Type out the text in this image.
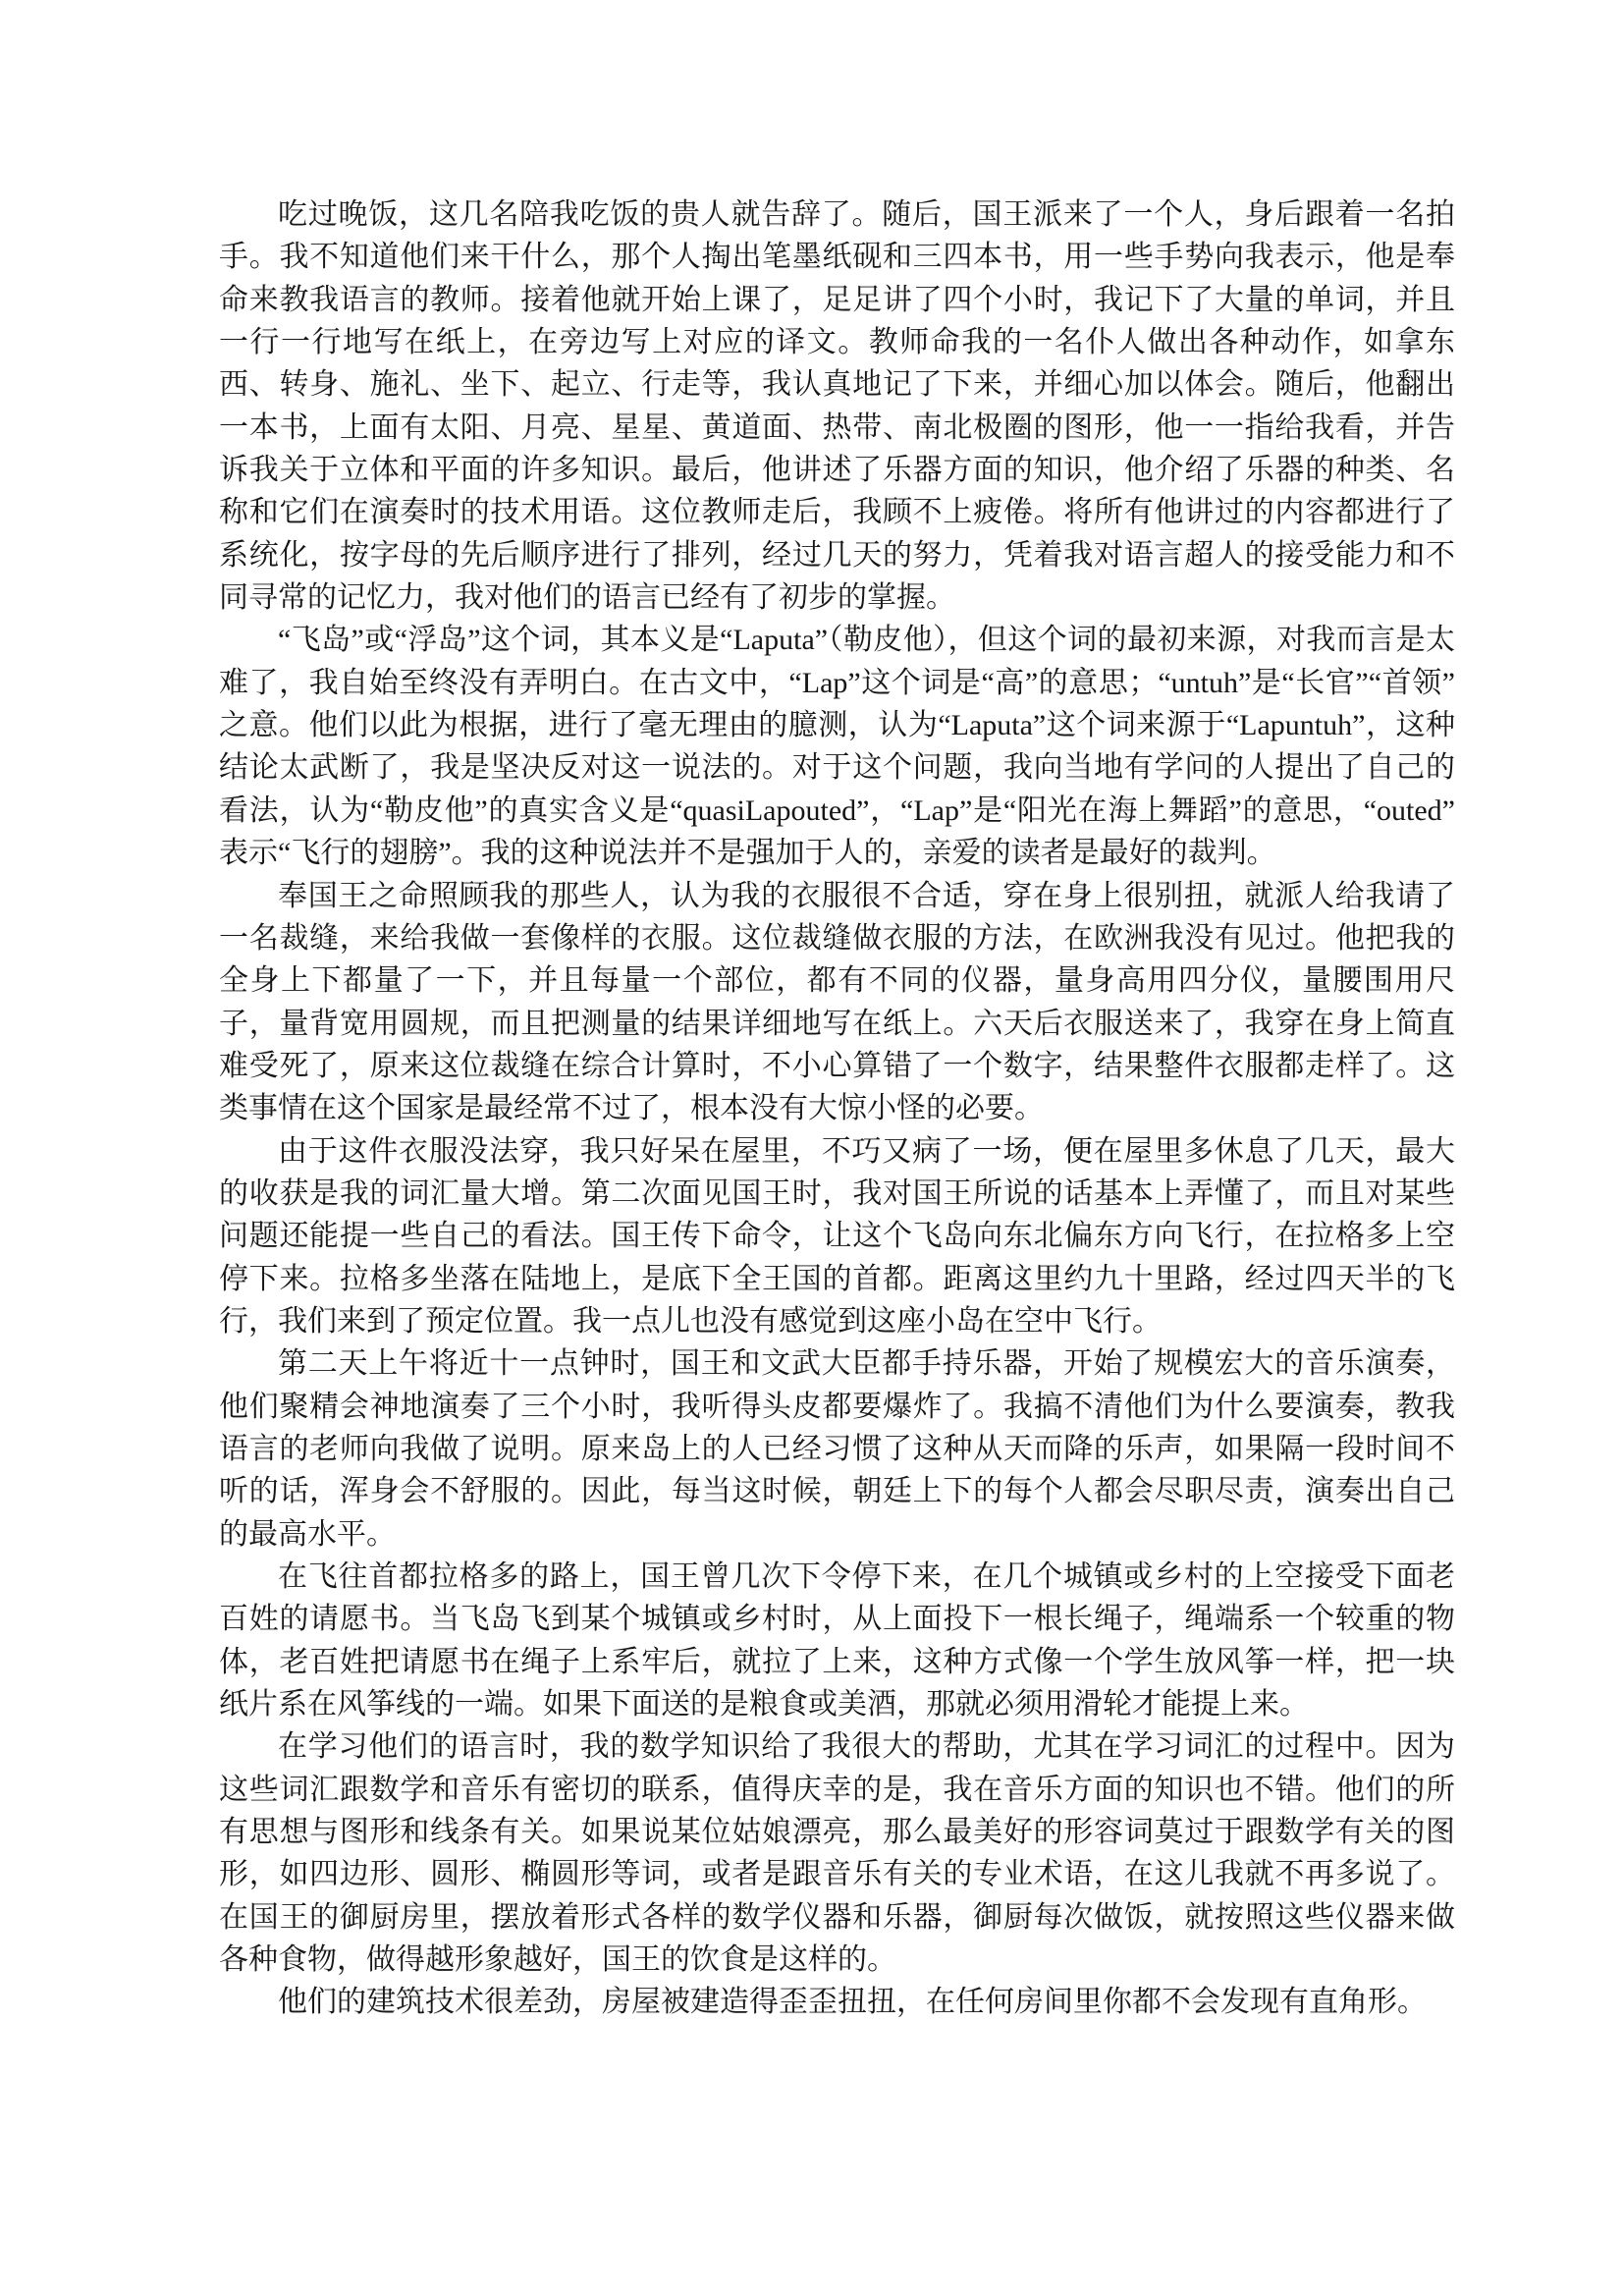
吃过晚饭，这几名陪我吃饭的贵人就告辞了。随后，国王派来了一个人，身后跟着一名拍手。我不知道他们来干什么，那个人掏出笔墨纸砚和三四本书，用一些手势向我表示，他是奉命来教我语言的教师。接着他就开始上课了，足足讲了四个小时，我记下了大量的单词，并且一行一行地写在纸上，在旁边写上对应的译文。教师命我的一名仆人做出各种动作，如拿东西、转身、施礼、坐下、起立、行走等，我认真地记了下来，并细心加以体会。随后，他翻出一本书，上面有太阳、月亮、星星、黄道面、热带、南北极圈的图形，他一一指给我看，并告诉我关于立体和平面的许多知识。最后，他讲述了乐器方面的知识，他介绍了乐器的种类、名称和它们在演奏时的技术用语。这位教师走后，我顾不上疲倦。将所有他讲过的内容都进行了系统化，按字母的先后顺序进行了排列，经过几天的努力，凭着我对语言超人的接受能力和不同寻常的记忆力，我对他们的语言已经有了初步的掌握。

“飞岛”或“浮岛”这个词，其本义是“Laputa”（勒皮他），但这个词的最初来源，对我而言是太难了，我自始至终没有弄明白。在古文中，“Lap”这个词是“高”的意思；“untuh”是“长官”“首领”之意。他们以此为根据，进行了毫无理由的臆测，认为“Laputa”这个词来源于“Lapuntuh”，这种结论太武断了，我是坚决反对这一说法的。对于这个问题，我向当地有学问的人提出了自己的看法，认为“勒皮他”的真实含义是“quasiLapouted”，“Lap”是“阳光在海上舞蹈”的意思，“outed”表示“飞行的翅膀”。我的这种说法并不是强加于人的，亲爱的读者是最好的裁判。

奉国王之命照顾我的那些人，认为我的衣服很不合适，穿在身上很别扭，就派人给我请了一名裁缝，来给我做一套像样的衣服。这位裁缝做衣服的方法，在欧洲我没有见过。他把我的全身上下都量了一下，并且每量一个部位，都有不同的仪器，量身高用四分仪，量腰围用尺子，量背宽用圆规，而且把测量的结果详细地写在纸上。六天后衣服送来了，我穿在身上简直难受死了，原来这位裁缝在综合计算时，不小心算错了一个数字，结果整件衣服都走样了。这类事情在这个国家是最经常不过了，根本没有大惊小怪的必要。

由于这件衣服没法穿，我只好呆在屋里，不巧又病了一场，便在屋里多休息了几天，最大的收获是我的词汇量大增。第二次面见国王时，我对国王所说的话基本上弄懂了，而且对某些问题还能提一些自己的看法。国王传下命令，让这个飞岛向东北偏东方向飞行，在拉格多上空停下来。拉格多坐落在陆地上，是底下全王国的首都。距离这里约九十里路，经过四天半的飞行，我们来到了预定位置。我一点儿也没有感觉到这座小岛在空中飞行。

第二天上午将近十一点钟时，国王和文武大臣都手持乐器，开始了规模宏大的音乐演奏，他们聚精会神地演奏了三个小时，我听得头皮都要爆炸了。我搞不清他们为什么要演奏，教我语言的老师向我做了说明。原来岛上的人已经习惯了这种从天而降的乐声，如果隔一段时间不听的话，浑身会不舒服的。因此，每当这时候，朝廷上下的每个人都会尽职尽责，演奏出自己的最高水平。

在飞往首都拉格多的路上，国王曾几次下令停下来，在几个城镇或乡村的上空接受下面老百姓的请愿书。当飞岛飞到某个城镇或乡村时，从上面投下一根长绳子，绳端系一个较重的物体，老百姓把请愿书在绳子上系牢后，就拉了上来，这种方式像一个学生放风筝一样，把一块纸片系在风筝线的一端。如果下面送的是粮食或美酒，那就必须用滑轮才能提上来。

在学习他们的语言时，我的数学知识给了我很大的帮助，尤其在学习词汇的过程中。因为这些词汇跟数学和音乐有密切的联系，值得庆幸的是，我在音乐方面的知识也不错。他们的所有思想与图形和线条有关。如果说某位姑娘漂亮，那么最美好的形容词莫过于跟数学有关的图形，如四边形、圆形、椭圆形等词，或者是跟音乐有关的专业术语，在这儿我就不再多说了。在国王的御厨房里，摆放着形式各样的数学仪器和乐器，御厨每次做饭，就按照这些仪器来做各种食物，做得越形象越好，国王的饮食是这样的。

他们的建筑技术很差劲，房屋被建造得歪歪扭扭，在任何房间里你都不会发现有直角形。
